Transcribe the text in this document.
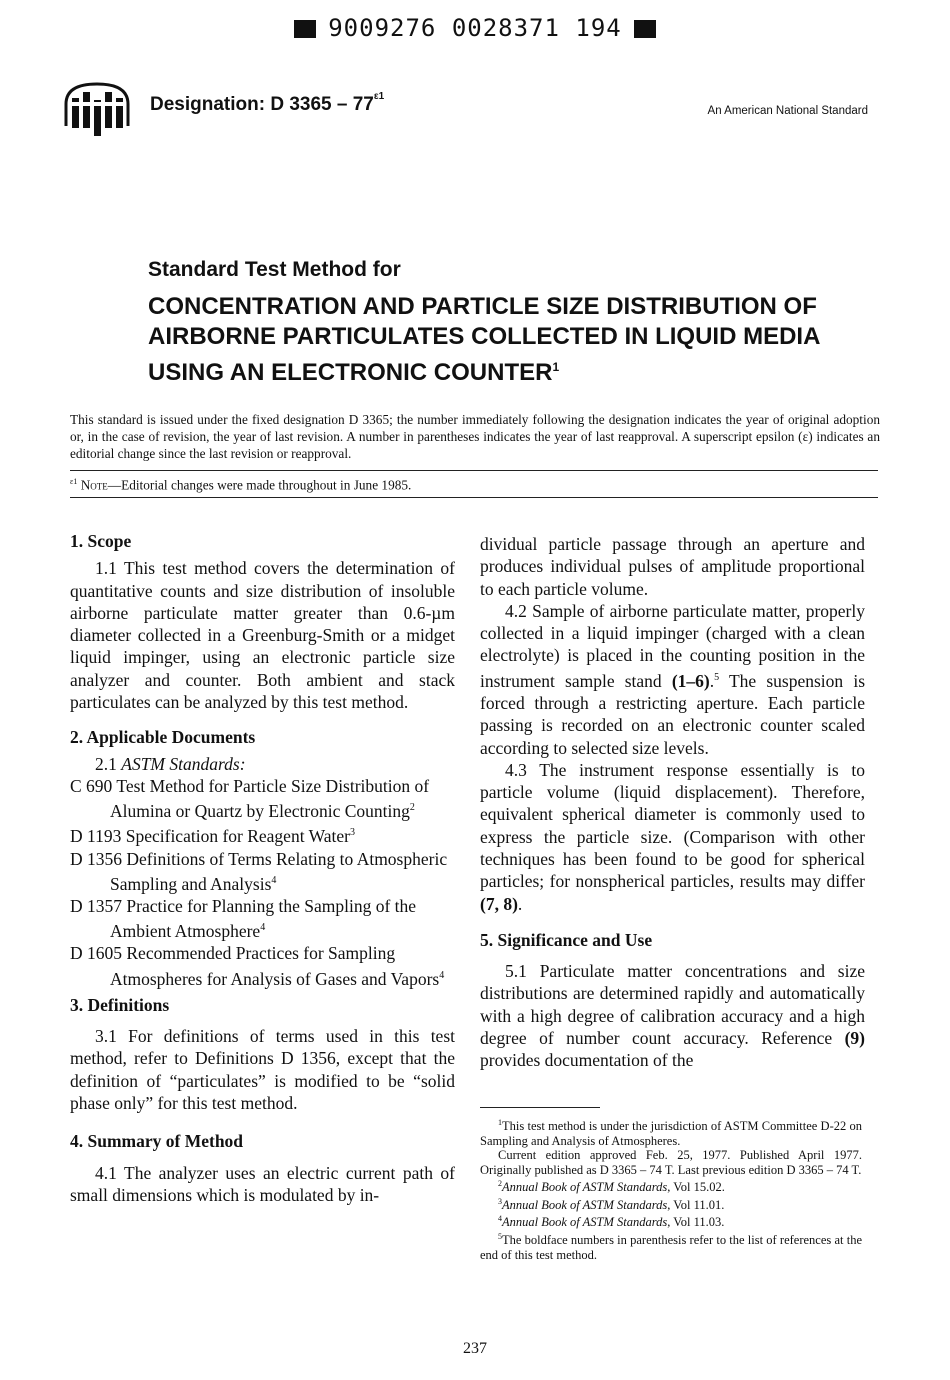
9009276 0028371 194
Designation: D $3365 - 77^{\varepsilon 1}$
An American National Standard
Standard Test Method for
CONCENTRATION AND PARTICLE SIZE DISTRIBUTION OF
AIRBORNE PARTICULATES COLLECTED IN LIQUID MEDIA
USING AN ELECTRONIC COUNTER$^1$
This standard is issued under the fixed designation D 3365; the number immediately following the designation indicates the year of original adoption or, in the case of revision, the year of last revision. A number in parentheses indicates the year of last reapproval. A superscript epsilon (ε) indicates an editorial change since the last revision or reapproval.
$^{\varepsilon 1}$ Note—Editorial changes were made throughout in June 1985.
1. Scope

1.1 This test method covers the determination of quantitative counts and size distribution of insoluble airborne particulate matter greater than 0.6-µm diameter collected in a Greenburg-Smith or a midget liquid impinger, using an electronic particle size analyzer and counter. Both ambient and stack particulates can be analyzed by this test method.

2. Applicable Documents

2.1 ASTM Standards:

C 690 Test Method for Particle Size Distribution of Alumina or Quartz by Electronic Counting$^2$

D 1193 Specification for Reagent Water$^3$

D 1356 Definitions of Terms Relating to Atmospheric Sampling and Analysis$^4$

D 1357 Practice for Planning the Sampling of the Ambient Atmosphere$^4$

D 1605 Recommended Practices for Sampling Atmospheres for Analysis of Gases and Vapors$^4$

3. Definitions

3.1 For definitions of terms used in this test method, refer to Definitions D 1356, except that the definition of “particulates” is modified to be “solid phase only” for this test method.

4. Summary of Method

4.1 The analyzer uses an electric current path of small dimensions which is modulated by in-

dividual particle passage through an aperture and produces individual pulses of amplitude proportional to each particle volume.

4.2 Sample of airborne particulate matter, properly collected in a liquid impinger (charged with a clean electrolyte) is placed in the counting position in the instrument sample stand (1–6).$^5$ The suspension is forced through a restricting aperture. Each particle passing is recorded on an electronic counter scaled according to selected size levels.

4.3 The instrument response essentially is to particle volume (liquid displacement). Therefore, equivalent spherical diameter is commonly used to express the particle size. (Comparison with other techniques has been found to be good for spherical particles; for nonspherical particles, results may differ (7, 8).

5. Significance and Use

5.1 Particulate matter concentrations and size distributions are determined rapidly and automatically with a high degree of calibration accuracy and a high degree of number count accuracy. Reference (9) provides documentation of the

$^1$This test method is under the jurisdiction of ASTM Committee D-22 on Sampling and Analysis of Atmospheres.

Current edition approved Feb. 25, 1977. Published April 1977. Originally published as D 3365 – 74 T. Last previous edition D 3365 – 74 T.

$^2$Annual Book of ASTM Standards, Vol 15.02.

$^3$Annual Book of ASTM Standards, Vol 11.01.

$^4$Annual Book of ASTM Standards, Vol 11.03.

$^5$The boldface numbers in parenthesis refer to the list of references at the end of this test method.

237
